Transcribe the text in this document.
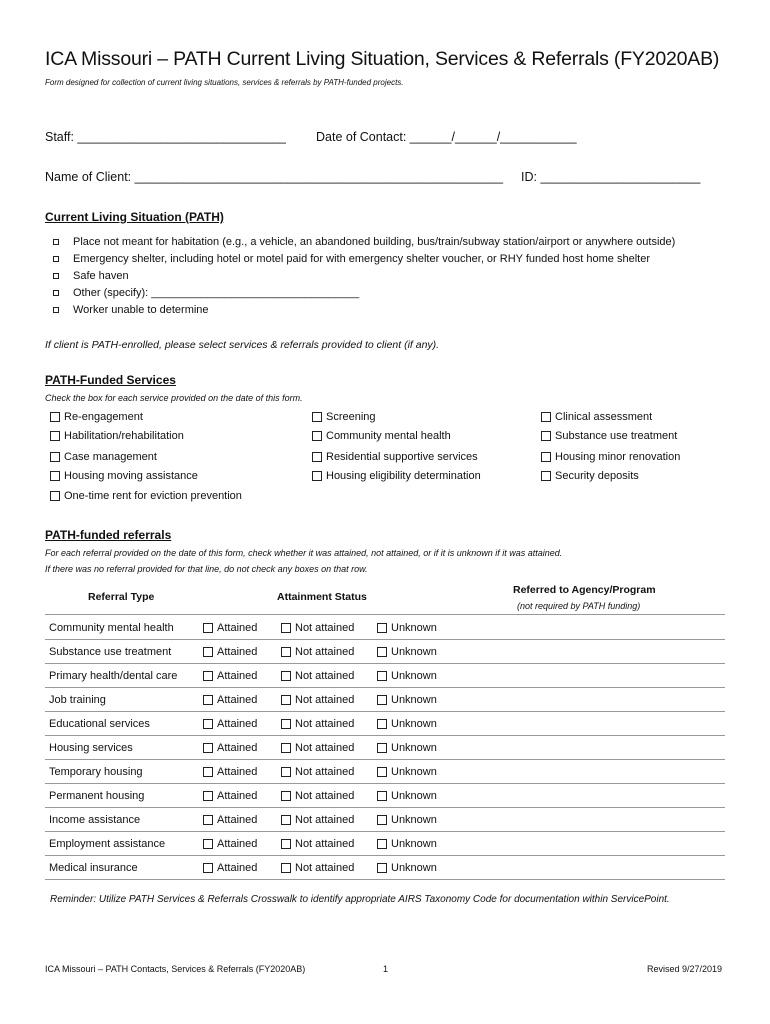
ICA Missouri – PATH Current Living Situation, Services & Referrals (FY2020AB)
Form designed for collection of current living situations, services & referrals by PATH-funded projects.
Staff: ______________________________ Date of Contact: ______/______/___________
Name of Client: _____________________________________________________ ID: _______________________
Current Living Situation (PATH)
Place not meant for habitation (e.g., a vehicle, an abandoned building, bus/train/subway station/airport or anywhere outside)
Emergency shelter, including hotel or motel paid for with emergency shelter voucher, or RHY funded host home shelter
Safe haven
Other (specify): __________________________________
Worker unable to determine
If client is PATH-enrolled, please select services & referrals provided to client (if any).
PATH-Funded Services
Check the box for each service provided on the date of this form.
Re-engagement
Habilitation/rehabilitation
Case management
Housing moving assistance
One-time rent for eviction prevention
Screening
Community mental health
Residential supportive services
Housing eligibility determination
Clinical assessment
Substance use treatment
Housing minor renovation
Security deposits
PATH-funded referrals
For each referral provided on the date of this form, check whether it was attained, not attained, or if it is unknown if it was attained.
If there was no referral provided for that line, do not check any boxes on that row.
Referral Type	Attainment Status
Referred to Agency/Program
(not required by PATH funding)
Community mental health	Attained	Not attained	Unknown
Substance use treatment	Attained	Not attained	Unknown
Primary health/dental care	Attained	Not attained	Unknown
Job training	Attained	Not attained	Unknown
Educational services	Attained	Not attained	Unknown
Housing services	Attained	Not attained	Unknown
Temporary housing	Attained	Not attained	Unknown
Permanent housing	Attained	Not attained	Unknown
Income assistance	Attained	Not attained	Unknown
Employment assistance	Attained	Not attained	Unknown
Medical insurance	Attained	Not attained	Unknown
Reminder: Utilize PATH Services & Referrals Crosswalk to identify appropriate AIRS Taxonomy Code for documentation within ServicePoint.
ICA Missouri – PATH Contacts, Services & Referrals (FY2020AB)	1	Revised 9/27/2019
